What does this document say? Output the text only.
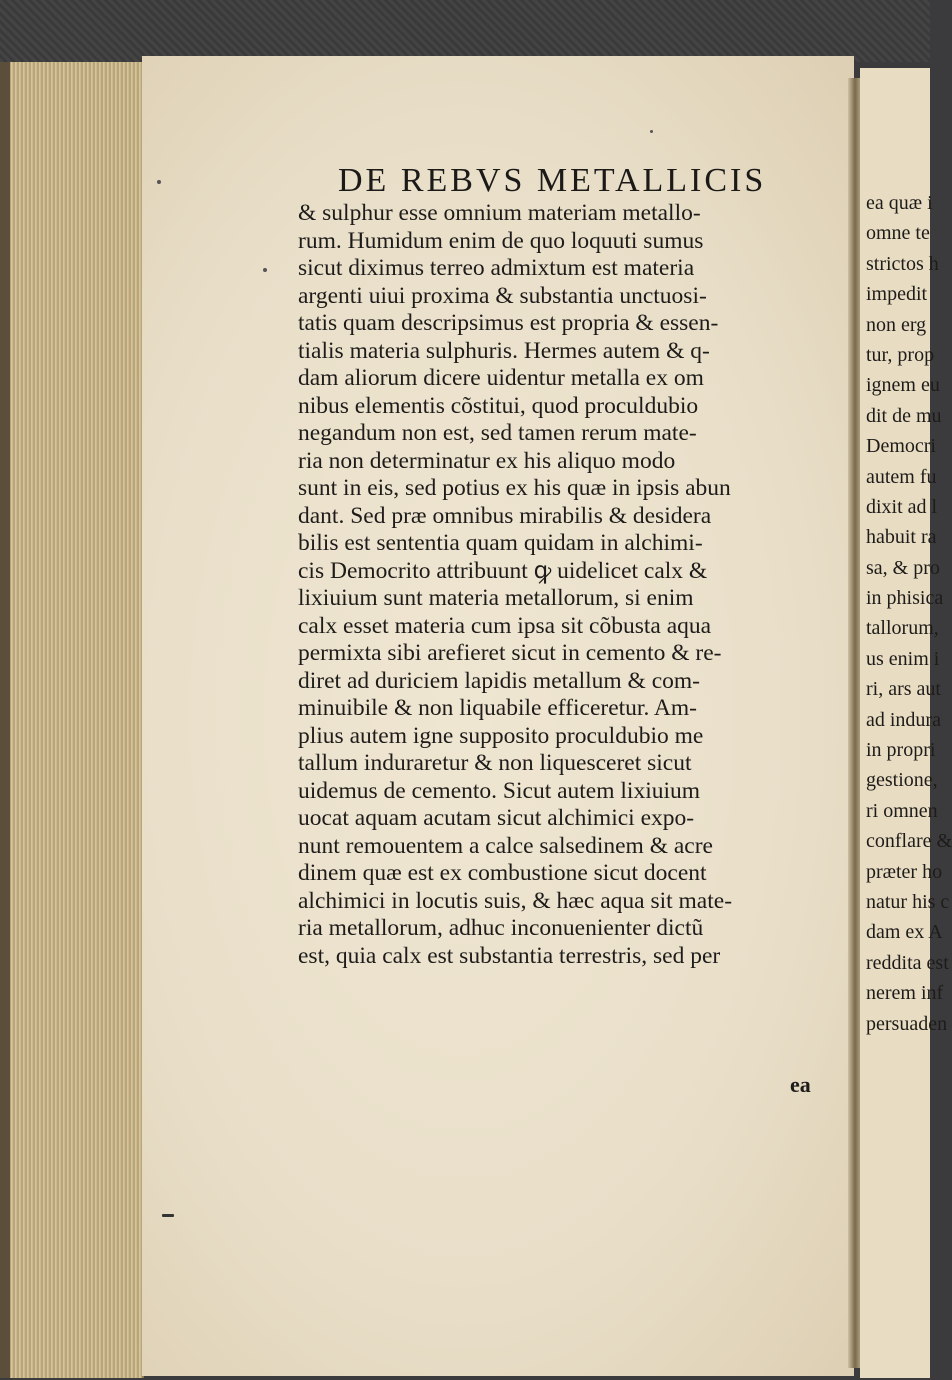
DE REBVS METALLICIS
& sulphur esse omnium materiam metallo-
rum. Humidum enim de quo loquuti sumus
sicut diximus terreo admixtum est materia
argenti uiui proxima & substantia unctuosi-
tatis quam descripsimus est propria & essen-
tialis materia sulphuris. Hermes autem & q-
dam aliorum dicere uidentur metalla ex om
nibus elementis cõstitui, quod proculdubio
negandum non est, sed tamen rerum mate-
ria non determinatur ex his aliquo modo
sunt in eis, sed potius ex his quæ in ipsis abun
dant. Sed præ omnibus mirabilis & desidera
bilis est sententia quam quidam in alchimi-
cis Democrito attribuunt ꝙ uidelicet calx &
lixiuium sunt materia metallorum, si enim
calx esset materia cum ipsa sit cõbusta aqua
permixta sibi arefieret sicut in cemento & re-
diret ad duriciem lapidis metallum & com-
minuibile & non liquabile efficeretur. Am-
plius autem igne supposito proculdubio me
tallum induraretur & non liquesceret sicut
uidemus de cemento. Sicut autem lixiuium
uocat aquam acutam sicut alchimici expo-
nunt remouentem a calce salsedinem & acre
dinem quæ est ex combustione sicut docent
alchimici in locutis suis, & hæc aqua sit mate-
ria metallorum, adhuc inconuenienter dictũ
est, quia calx est substantia terrestris, sed per
ea
ea quæ i
omne te
strictos h
impedit
non erg
tur, prop
ignem eu
dit de mu
Democri
autem fu
dixit ad l
habuit ra
sa, & pro
in phisica
tallorum,
us enim i
ri, ars aut
ad indura
in propri
gestione,
ri omnen
conflare &
præter ho
natur his c
dam ex A
reddita est
nerem inf
persuaden
